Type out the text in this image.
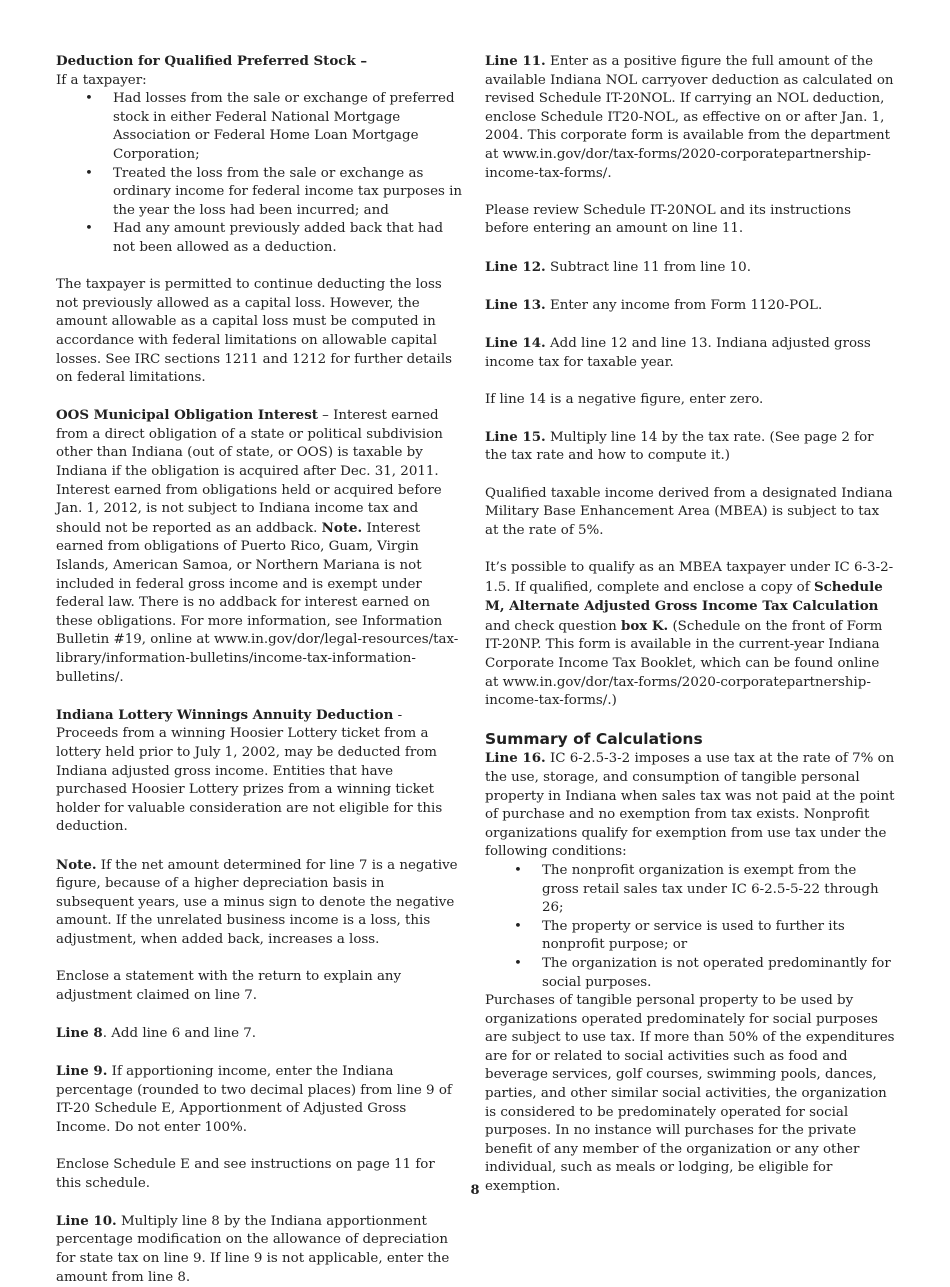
Deduction for Qualified Preferred Stock –

If a taxpayer:

• Had losses from the sale or exchange of preferred stock in either Federal National Mortgage Association or Federal Home Loan Mortgage Corporation;
• Treated the loss from the sale or exchange as ordinary income for federal income tax purposes in the year the loss had been incurred; and
• Had any amount previously added back that had not been allowed as a deduction.

The taxpayer is permitted to continue deducting the loss not previously allowed as a capital loss. However, the amount allowable as a capital loss must be computed in accordance with federal limitations on allowable capital losses. See IRC sections 1211 and 1212 for further details on federal limitations.

OOS Municipal Obligation Interest – Interest earned from a direct obligation of a state or political subdivision other than Indiana (out of state, or OOS) is taxable by Indiana if the obligation is acquired after Dec. 31, 2011. Interest earned from obligations held or acquired before Jan. 1, 2012, is not subject to Indiana income tax and should not be reported as an addback. Note. Interest earned from obligations of Puerto Rico, Guam, Virgin Islands, American Samoa, or Northern Mariana is not included in federal gross income and is exempt under federal law. There is no addback for interest earned on these obligations. For more information, see Information Bulletin #19, online at www.in.gov/dor/legal-resources/tax-library/information-bulletins/income-tax-information-bulletins/.

Indiana Lottery Winnings Annuity Deduction - Proceeds from a winning Hoosier Lottery ticket from a lottery held prior to July 1, 2002, may be deducted from Indiana adjusted gross income. Entities that have purchased Hoosier Lottery prizes from a winning ticket holder for valuable consideration are not eligible for this deduction.

Note. If the net amount determined for line 7 is a negative figure, because of a higher depreciation basis in subsequent years, use a minus sign to denote the negative amount. If the unrelated business income is a loss, this adjustment, when added back, increases a loss.

Enclose a statement with the return to explain any adjustment claimed on line 7.

Line 8. Add line 6 and line 7.

Line 9. If apportioning income, enter the Indiana percentage (rounded to two decimal places) from line 9 of IT-20 Schedule E, Apportionment of Adjusted Gross Income. Do not enter 100%.

Enclose Schedule E and see instructions on page 11 for this schedule.

Line 10. Multiply line 8 by the Indiana apportionment percentage modification on the allowance of depreciation for state tax on line 9. If line 9 is not applicable, enter the amount from line 8.

Line 11. Enter as a positive figure the full amount of the available Indiana NOL carryover deduction as calculated on revised Schedule IT-20NOL. If carrying an NOL deduction, enclose Schedule IT20-NOL, as effective on or after Jan. 1, 2004. This corporate form is available from the department at www.in.gov/dor/tax-forms/2020-corporatepartnership-income-tax-forms/.

Please review Schedule IT-20NOL and its instructions before entering an amount on line 11.

Line 12. Subtract line 11 from line 10.

Line 13. Enter any income from Form 1120-POL.

Line 14. Add line 12 and line 13. Indiana adjusted gross income tax for taxable year.

If line 14 is a negative figure, enter zero.

Line 15. Multiply line 14 by the tax rate. (See page 2 for the tax rate and how to compute it.)

Qualified taxable income derived from a designated Indiana Military Base Enhancement Area (MBEA) is subject to tax at the rate of 5%.

It’s possible to qualify as an MBEA taxpayer under IC 6-3-2-1.5. If qualified, complete and enclose a copy of Schedule M, Alternate Adjusted Gross Income Tax Calculation and check question box K. (Schedule on the front of Form IT-20NP. This form is available in the current-year Indiana Corporate Income Tax Booklet, which can be found online at www.in.gov/dor/tax-forms/2020-corporatepartnership-income-tax-forms/.)

Summary of Calculations

Line 16. IC 6-2.5-3-2 imposes a use tax at the rate of 7% on the use, storage, and consumption of tangible personal property in Indiana when sales tax was not paid at the point of purchase and no exemption from tax exists. Nonprofit organizations qualify for exemption from use tax under the following conditions:

• The nonprofit organization is exempt from the gross retail sales tax under IC 6-2.5-5-22 through 26;
• The property or service is used to further its nonprofit purpose; or
• The organization is not operated predominantly for social purposes.

Purchases of tangible personal property to be used by organizations operated predominately for social purposes are subject to use tax. If more than 50% of the expenditures are for or related to social activities such as food and beverage services, golf courses, swimming pools, dances, parties, and other similar social activities, the organization is considered to be predominately operated for social purposes. In no instance will purchases for the private benefit of any member of the organization or any other individual, such as meals or lodging, be eligible for exemption.

8
